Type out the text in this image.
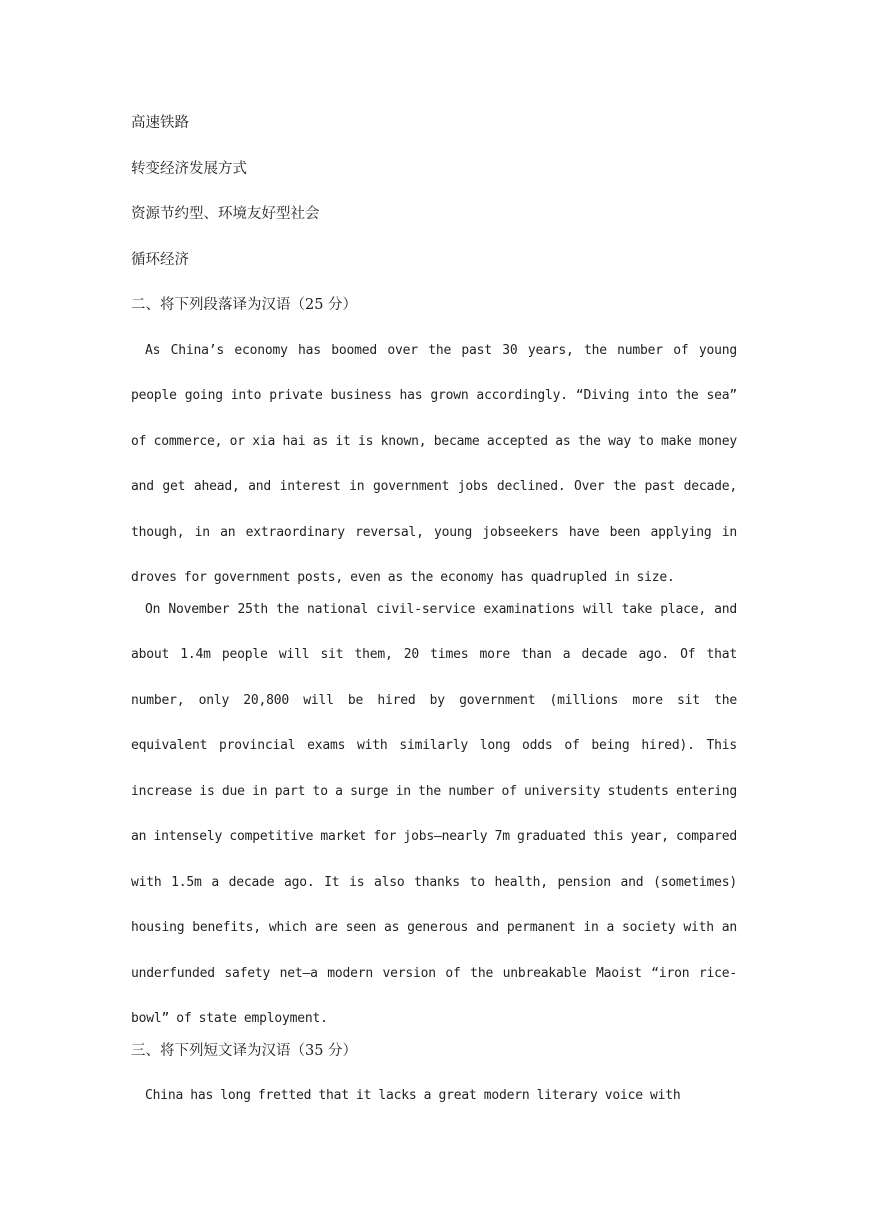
高速铁路
转变经济发展方式
资源节约型、环境友好型社会
循环经济
二、将下列段落译为汉语（25 分）
As China’s economy has boomed over the past 30 years, the number of young people going into private business has grown accordingly. “Diving into the sea” of commerce, or xia hai as it is known, became accepted as the way to make money and get ahead, and interest in government jobs declined. Over the past decade, though, in an extraordinary reversal, young jobseekers have been applying in droves for government posts, even as the economy has quadrupled in size.
On November 25th the national civil-service examinations will take place, and about 1.4m people will sit them, 20 times more than a decade ago. Of that number, only 20,800 will be hired by government (millions more sit the equivalent provincial exams with similarly long odds of being hired). This increase is due in part to a surge in the number of university students entering an intensely competitive market for jobs—nearly 7m graduated this year, compared with 1.5m a decade ago. It is also thanks to health, pension and (sometimes) housing benefits, which are seen as generous and permanent in a society with an underfunded safety net—a modern version of the unbreakable Maoist “iron rice-bowl” of state employment.
三、将下列短文译为汉语（35 分）
China has long fretted that it lacks a great modern literary voice with
